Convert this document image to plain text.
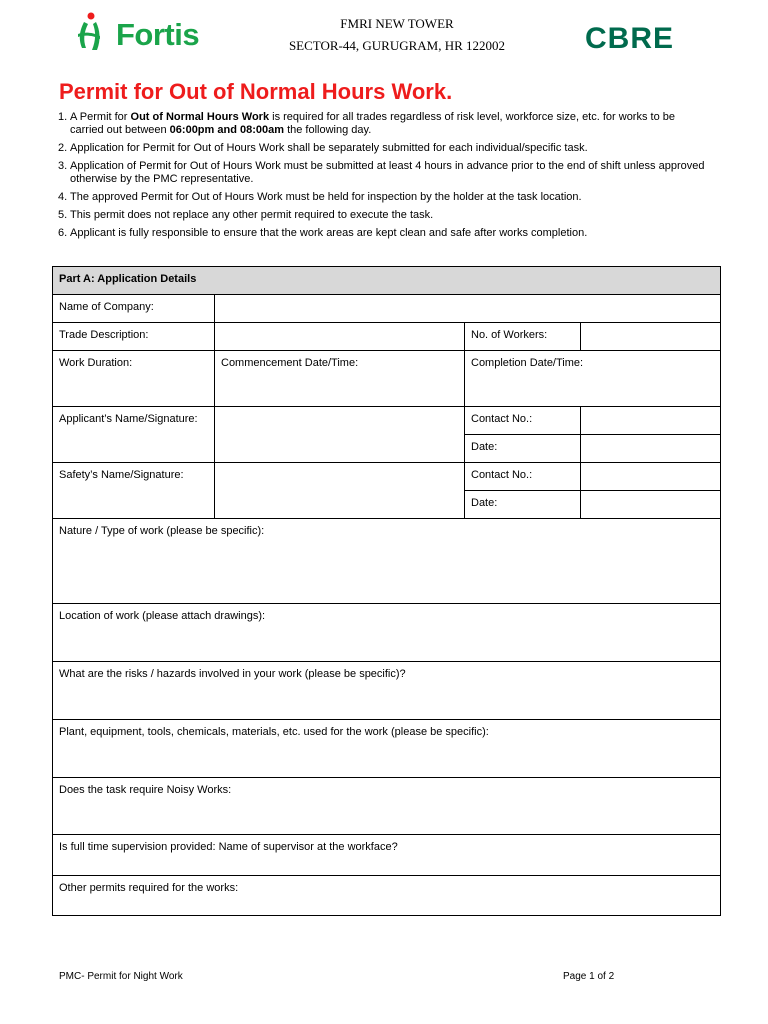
Fortis	FMRI NEW TOWER
SECTOR-44, GURUGRAM, HR 122002	CBRE
Permit for Out of Normal Hours Work.
1. A Permit for Out of Normal Hours Work is required for all trades regardless of risk level, workforce size, etc. for works to be carried out between 06:00pm and 08:00am the following day.
2. Application for Permit for Out of Hours Work shall be separately submitted for each individual/specific task.
3. Application of Permit for Out of Hours Work must be submitted at least 4 hours in advance prior to the end of shift unless approved otherwise by the PMC representative.
4. The approved Permit for Out of Hours Work must be held for inspection by the holder at the task location.
5. This permit does not replace any other permit required to execute the task.
6. Applicant is fully responsible to ensure that the work areas are kept clean and safe after works completion.
Part A: Application Details			
Name of Company:			
Trade Description:		No. of Workers:	
Work Duration:	Commencement Date/Time:	Completion Date/Time:	
Applicant’s Name/Signature:		Contact No.:	
		Date:	
Safety’s Name/Signature:		Contact No.:	
		Date:	
Nature / Type of work (please be specific):			
Location of work (please attach drawings):			
What are the risks / hazards involved in your work (please be specific)?			
Plant, equipment, tools, chemicals, materials, etc. used for the work (please be specific):			
Does the task require Noisy Works:			
Is full time supervision provided: Name of supervisor at the workface?			
Other permits required for the works:			
PMC- Permit for Night Work	Page 1 of 2
